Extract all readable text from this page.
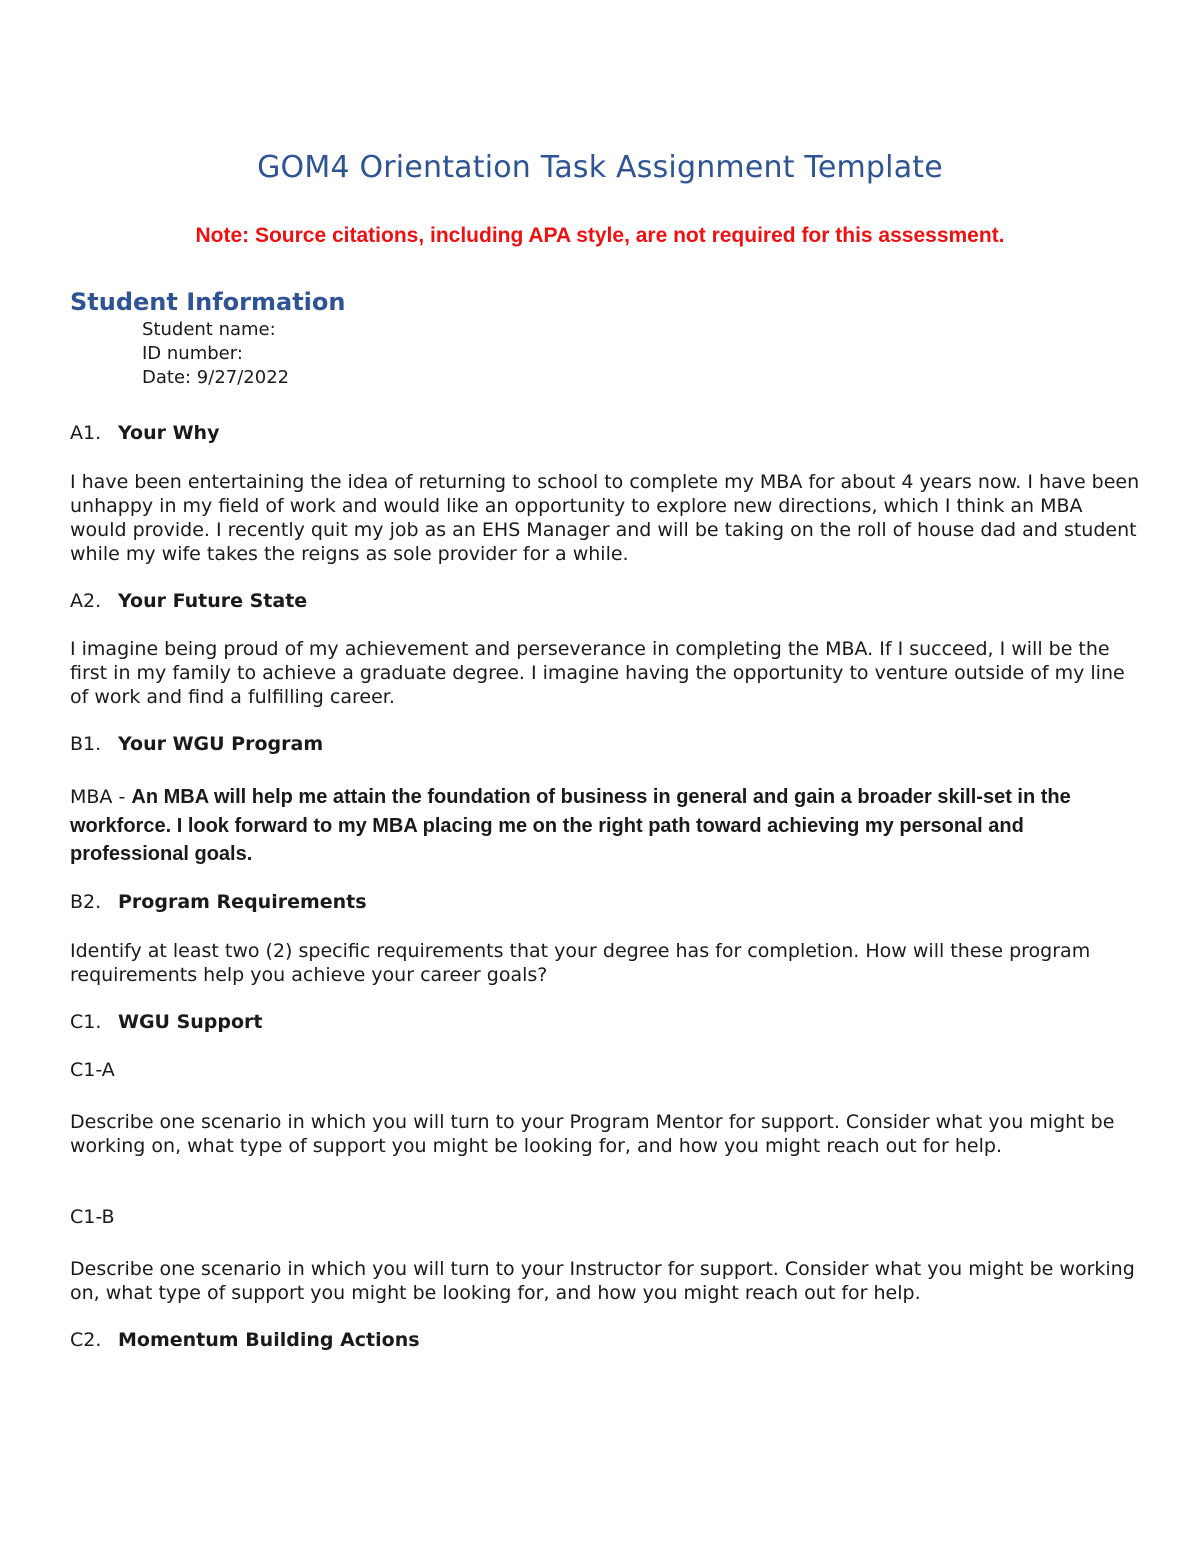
GOM4 Orientation Task Assignment Template
Note: Source citations, including APA style, are not required for this assessment.
Student Information
Student name:
ID number:
Date: 9/27/2022
A1. Your Why
I have been entertaining the idea of returning to school to complete my MBA for about 4 years now. I have been unhappy in my field of work and would like an opportunity to explore new directions, which I think an MBA would provide. I recently quit my job as an EHS Manager and will be taking on the roll of house dad and student while my wife takes the reigns as sole provider for a while.
A2. Your Future State
I imagine being proud of my achievement and perseverance in completing the MBA. If I succeed, I will be the first in my family to achieve a graduate degree. I imagine having the opportunity to venture outside of my line of work and find a fulfilling career.
B1. Your WGU Program
MBA - An MBA will help me attain the foundation of business in general and gain a broader skill-set in the workforce. I look forward to my MBA placing me on the right path toward achieving my personal and professional goals.
B2. Program Requirements
Identify at least two (2) specific requirements that your degree has for completion. How will these program requirements help you achieve your career goals?
C1. WGU Support
C1-A
Describe one scenario in which you will turn to your Program Mentor for support. Consider what you might be working on, what type of support you might be looking for, and how you might reach out for help.
C1-B
Describe one scenario in which you will turn to your Instructor for support. Consider what you might be working on, what type of support you might be looking for, and how you might reach out for help.
C2. Momentum Building Actions
